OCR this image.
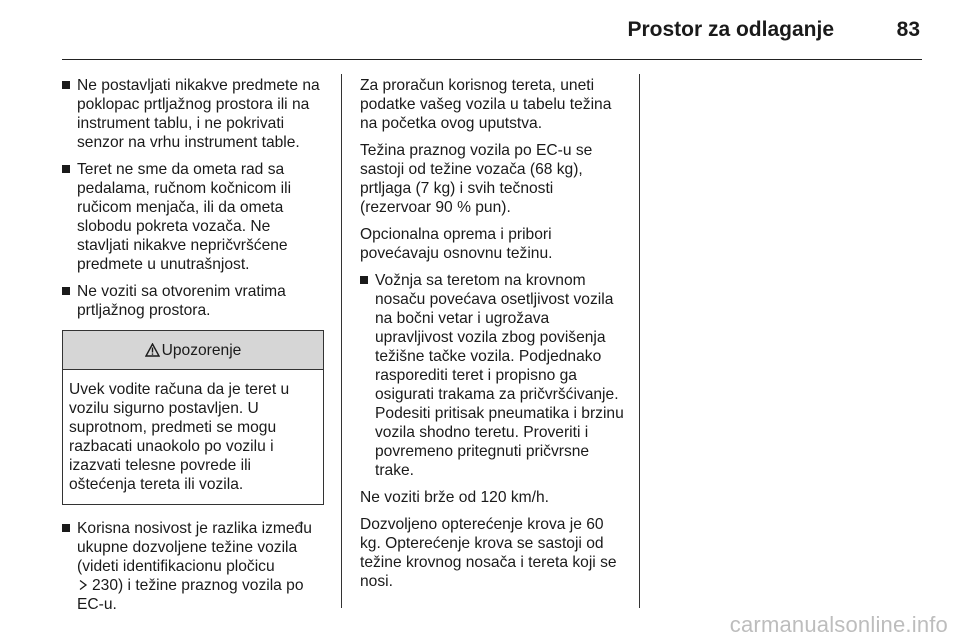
Prostor za odlaganje	83
Ne postavljati nikakve predmete na poklopac prtljažnog prostora ili na instrument tablu, i ne pokrivati senzor na vrhu instrument table.
Teret ne sme da ometa rad sa pedalama, ručnom kočnicom ili ručicom menjača, ili da ometa slobodu pokreta vozača. Ne stavljati nikakve nepričvršćene predmete u unutrašnjost.
Ne voziti sa otvorenim vratima prtljažnog prostora.
Upozorenje
Uvek vodite računa da je teret u vozilu sigurno postavljen. U suprotnom, predmeti se mogu razbacati unaokolo po vozilu i izazvati telesne povrede ili oštećenja tereta ili vozila.
Korisna nosivost je razlika između ukupne dozvoljene težine vozila (videti identifikacionu pločicu
230) i težine praznog vozila po EC-u.
Za proračun korisnog tereta, uneti podatke vašeg vozila u tabelu težina na početka ovog uputstva.
Težina praznog vozila po EC-u se sastoji od težine vozača (68 kg), prtljaga (7 kg) i svih tečnosti (rezervoar 90 % pun).
Opcionalna oprema i pribori povećavaju osnovnu težinu.
Vožnja sa teretom na krovnom nosaču povećava osetljivost vozila na bočni vetar i ugrožava upravljivost vozila zbog povišenja težišne tačke vozila. Podjednako rasporediti teret i propisno ga osigurati trakama za pričvršćivanje. Podesiti pritisak pneumatika i brzinu vozila shodno teretu. Proveriti i povremeno pritegnuti pričvrsne trake.
Ne voziti brže od 120 km/h.
Dozvoljeno opterećenje krova je 60 kg. Opterećenje krova se sastoji od težine krovnog nosača i tereta koji se nosi.
carmanualsonline.info
